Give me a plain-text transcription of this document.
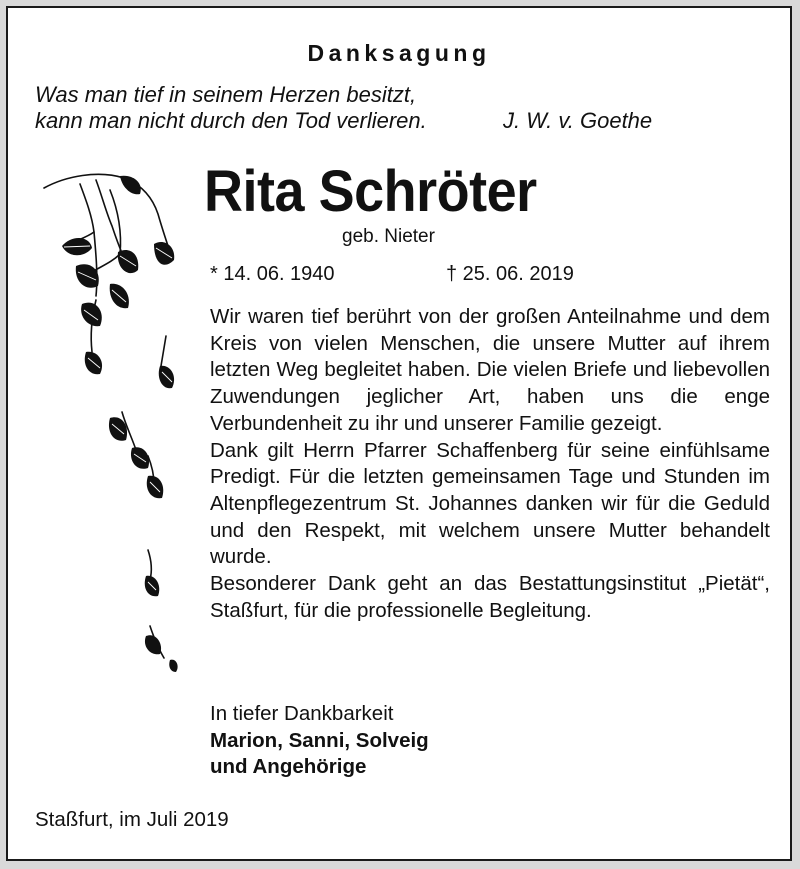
Danksagung
Was man tief in seinem Herzen besitzt,
kann man nicht durch den Tod verlieren.	J. W. v. Goethe
Rita Schröter
geb. Nieter
* 14. 06. 1940	† 25. 06. 2019

Wir waren tief berührt von der großen Anteilnahme und dem Kreis von vielen Menschen, die unsere Mutter auf ihrem letzten Weg begleitet haben. Die vielen Briefe und liebevollen Zuwendungen jeglicher Art, haben uns die enge Verbundenheit zu ihr und unserer Familie gezeigt.

Dank gilt Herrn Pfarrer Schaffenberg für seine einfühlsame Predigt. Für die letzten gemeinsamen Tage und Stunden im Altenpflegezentrum St. Johannes danken wir für die Geduld und den Respekt, mit welchem unsere Mutter behandelt wurde.

Besonderer Dank geht an das Bestattungsinstitut „Pietät“, Staßfurt, für die professionelle Begleitung.

In tiefer Dankbarkeit
Marion, Sanni, Solveig
und Angehörige
Staßfurt, im Juli 2019
